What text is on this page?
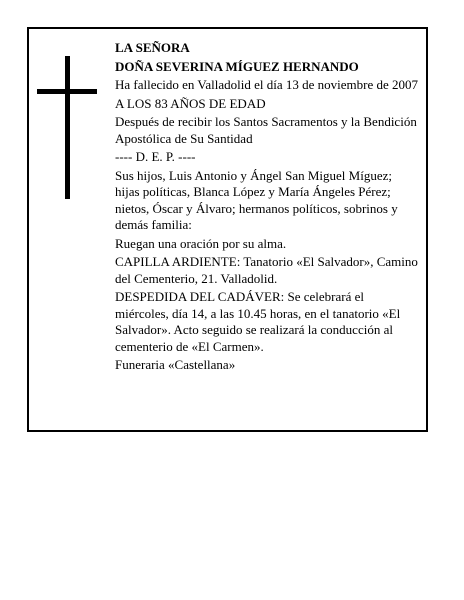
LA SEÑORA

DOÑA SEVERINA MÍGUEZ HERNANDO

Ha fallecido en Valladolid el día 13 de noviembre de 2007

A LOS 83 AÑOS DE EDAD

Después de recibir los Santos Sacramentos y la Bendición Apostólica de Su Santidad

---- D. E. P. ----

Sus hijos, Luis Antonio y Ángel San Miguel Míguez; hijas políticas, Blanca López y María Ángeles Pérez; nietos, Óscar y Álvaro; hermanos políticos, sobrinos y demás familia:

Ruegan una oración por su alma.

CAPILLA ARDIENTE: Tanatorio «El Salvador», Camino del Cementerio, 21. Valladolid.

DESPEDIDA DEL CADÁVER: Se celebrará el miércoles, día 14, a las 10.45 horas, en el tanatorio «El Salvador». Acto seguido se realizará la conducción al cementerio de «El Carmen».

Funeraria «Castellana»
